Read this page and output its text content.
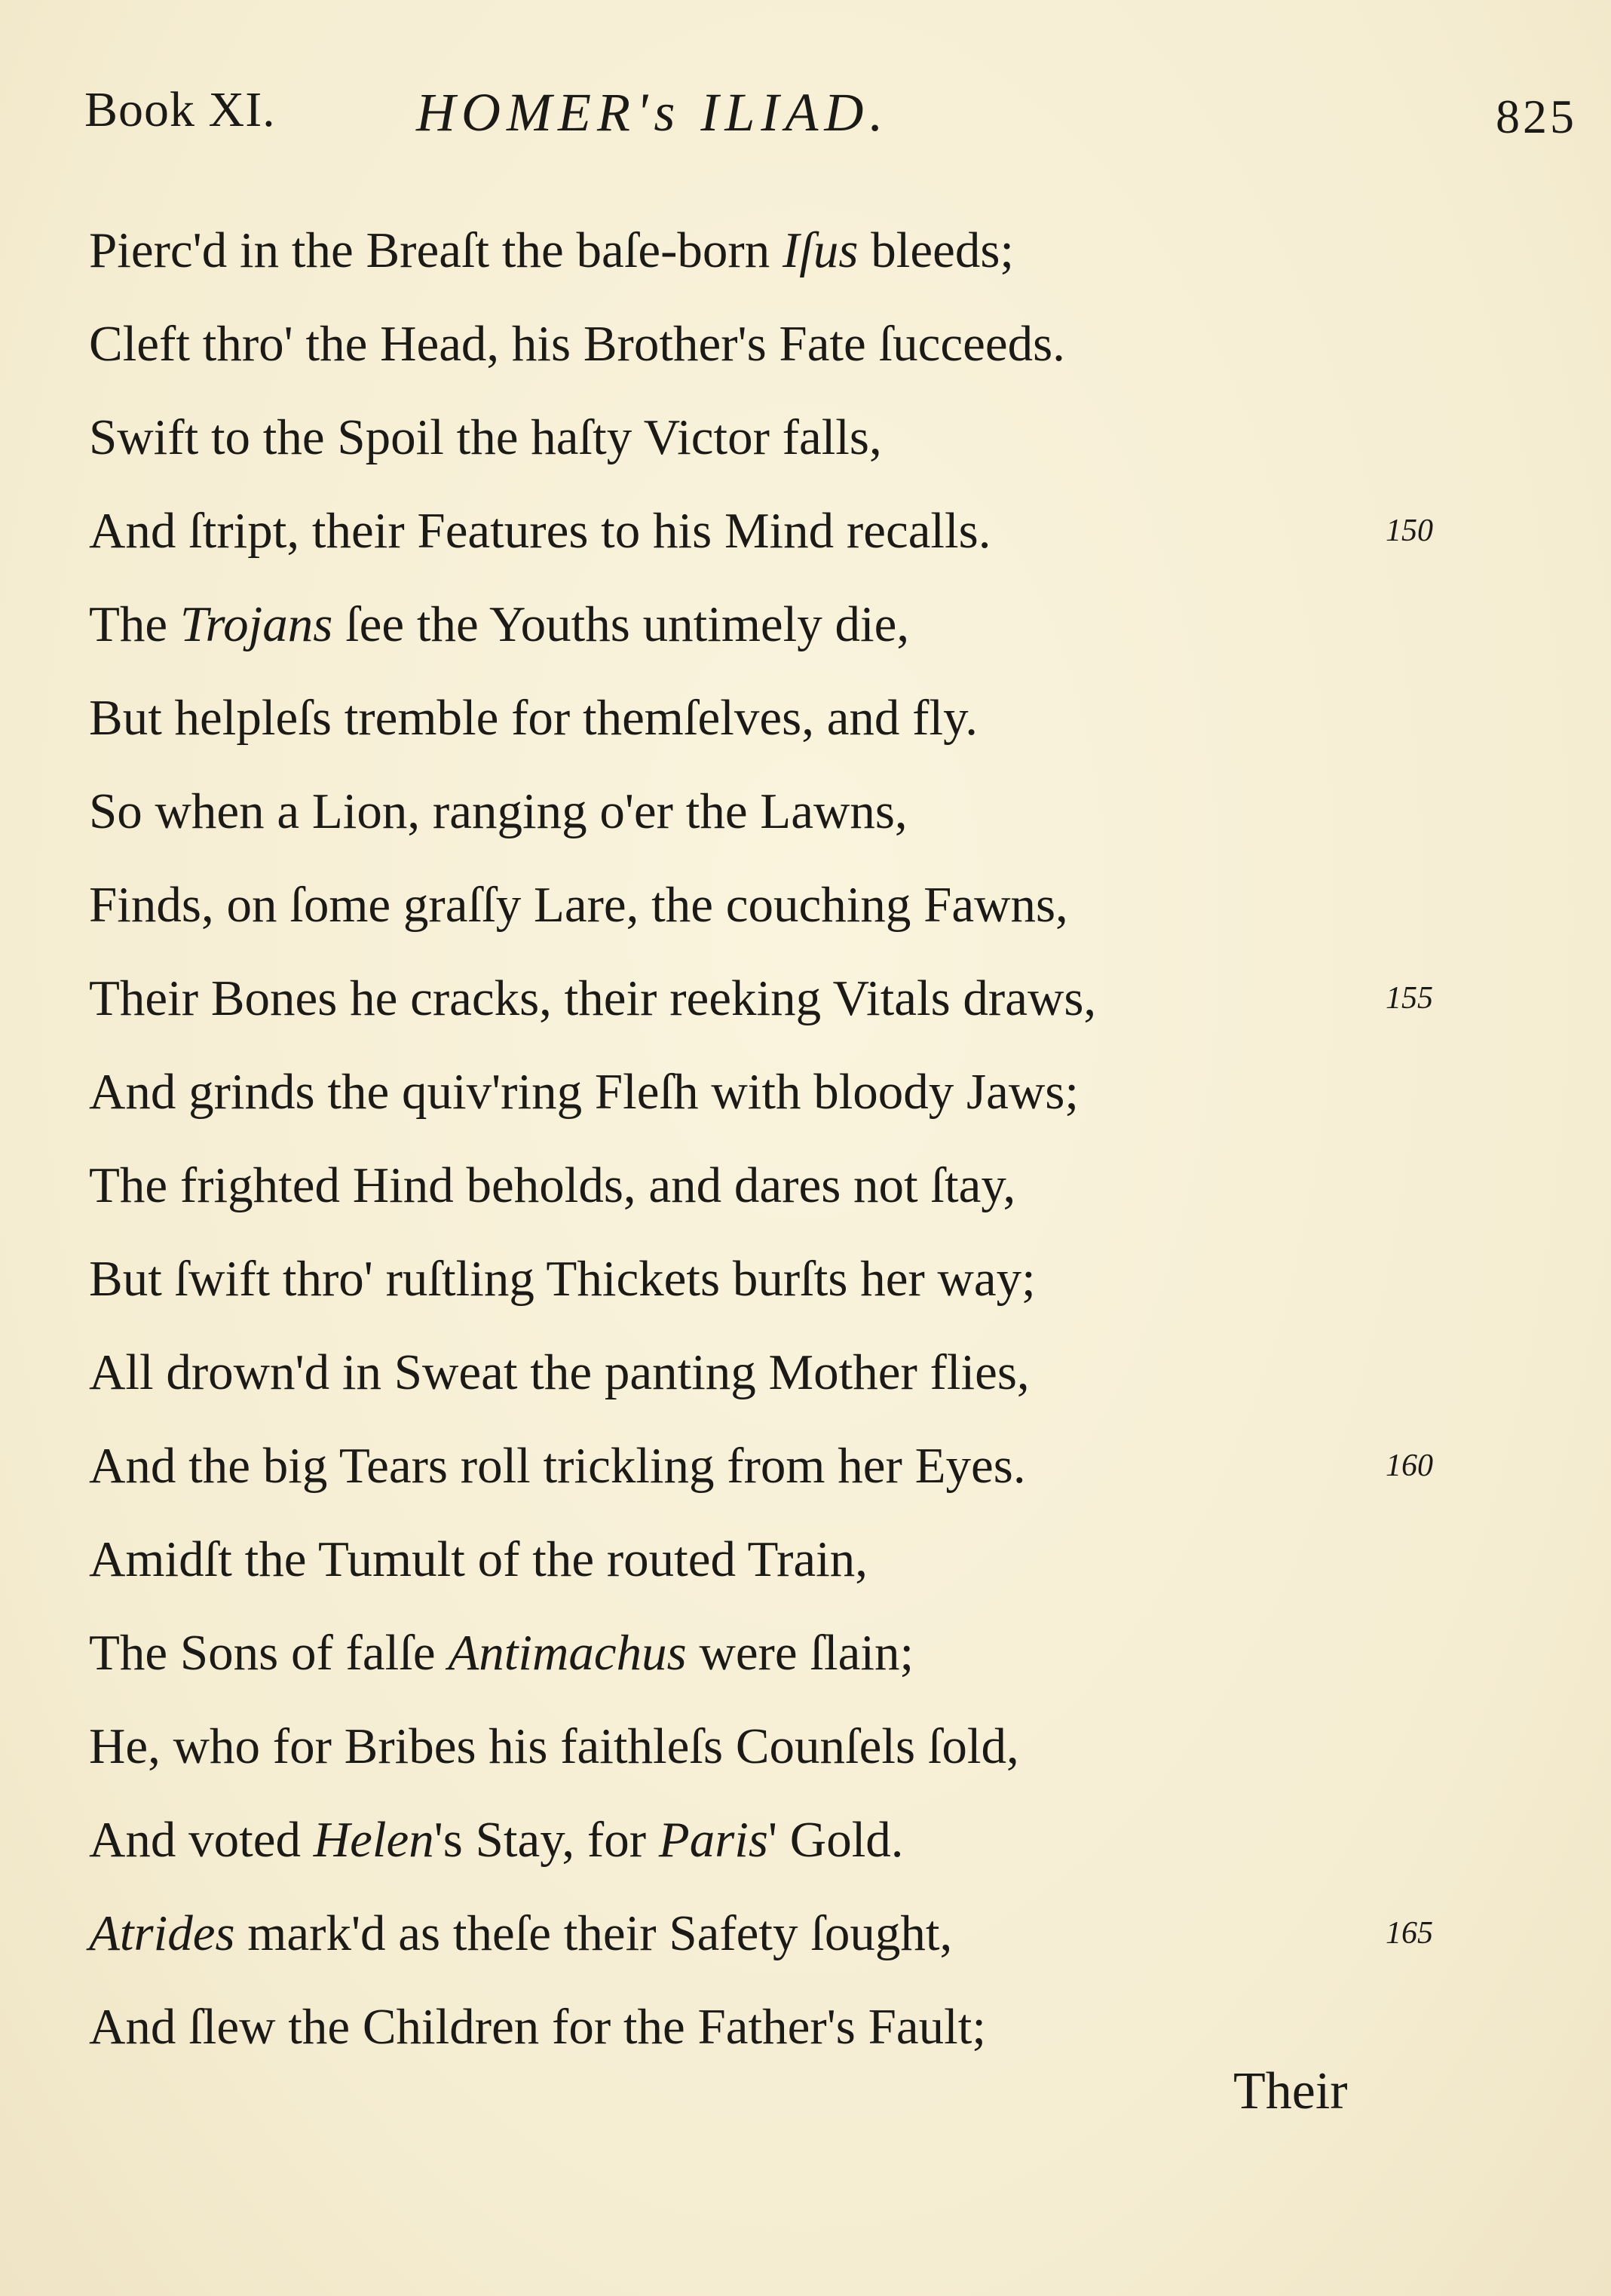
Book XI.	HOMER's ILIAD.	825
Pierc'd in the Breaſt the baſe-born Iſus bleeds;
Cleft thro' the Head, his Brother's Fate ſucceeds.
Swift to the Spoil the haſty Victor falls,
And ſtript, their Features to his Mind recalls.	150
The Trojans ſee the Youths untimely die,
But helpleſs tremble for themſelves, and fly.
So when a Lion, ranging o'er the Lawns,
Finds, on ſome graſſy Lare, the couching Fawns,
Their Bones he cracks, their reeking Vitals draws,	155
And grinds the quiv'ring Fleſh with bloody Jaws;
The frighted Hind beholds, and dares not ſtay,
But ſwift thro' ruſtling Thickets burſts her way;
All drown'd in Sweat the panting Mother flies,
And the big Tears roll trickling from her Eyes.	160
Amidſt the Tumult of the routed Train,
The Sons of falſe Antimachus were ſlain;
He, who for Bribes his faithleſs Counſels ſold,
And voted Helen's Stay, for Paris' Gold.
Atrides mark'd as theſe their Safety ſought,	165
And ſlew the Children for the Father's Fault;
Their
